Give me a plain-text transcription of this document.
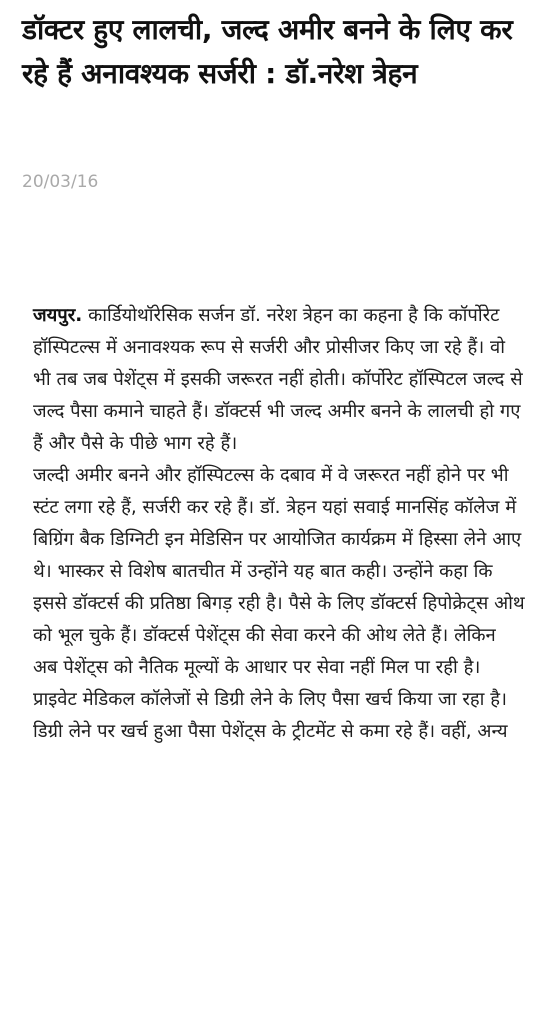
डॉक्टर हुए लालची, जल्द अमीर बनने के लिए कर रहे हैं अनावश्यक सर्जरी : डॉ.नरेश त्रेहन
20/03/16

जयपुर. कार्डियोथॉरेसिक सर्जन डॉ. नरेश त्रेहन का कहना है कि कॉर्पोरेट हॉस्पिटल्स में अनावश्यक रूप से सर्जरी और प्रोसीजर किए जा रहे हैं। वो भी तब जब पेशेंट्स में इसकी जरूरत नहीं होती। कॉर्पोरेट हॉस्पिटल जल्द से जल्द पैसा कमाने चाहते हैं। डॉक्टर्स भी जल्द अमीर बनने के लालची हो गए हैं और पैसे के पीछे भाग रहे हैं।

जल्दी अमीर बनने और हॉस्पिटल्स के दबाव में वे जरूरत नहीं होने पर भी स्टंट लगा रहे हैं, सर्जरी कर रहे हैं। डॉ. त्रेहन यहां सवाई मानसिंह कॉलेज में बिग्रिंग बैक डिग्निटी इन मेडिसिन पर आयोजित कार्यक्रम में हिस्सा लेने आए थे। भास्कर से विशेष बातचीत में उन्होंने यह बात कही। उन्होंने कहा कि इससे डॉक्टर्स की प्रतिष्ठा बिगड़ रही है। पैसे के लिए डॉक्टर्स हिपोक्रेट्स ओथ को भूल चुके हैं। डॉक्टर्स पेशेंट्स की सेवा करने की ओथ लेते हैं। लेकिन अब पेशेंट्स को नैतिक मूल्यों के आधार पर सेवा नहीं मिल पा रही है। प्राइवेट मेडिकल कॉलेजों से डिग्री लेने के लिए पैसा खर्च किया जा रहा है। डिग्री लेने पर खर्च हुआ पैसा पेशेंट्स के ट्रीटमेंट से कमा रहे हैं। वहीं, अन्य
